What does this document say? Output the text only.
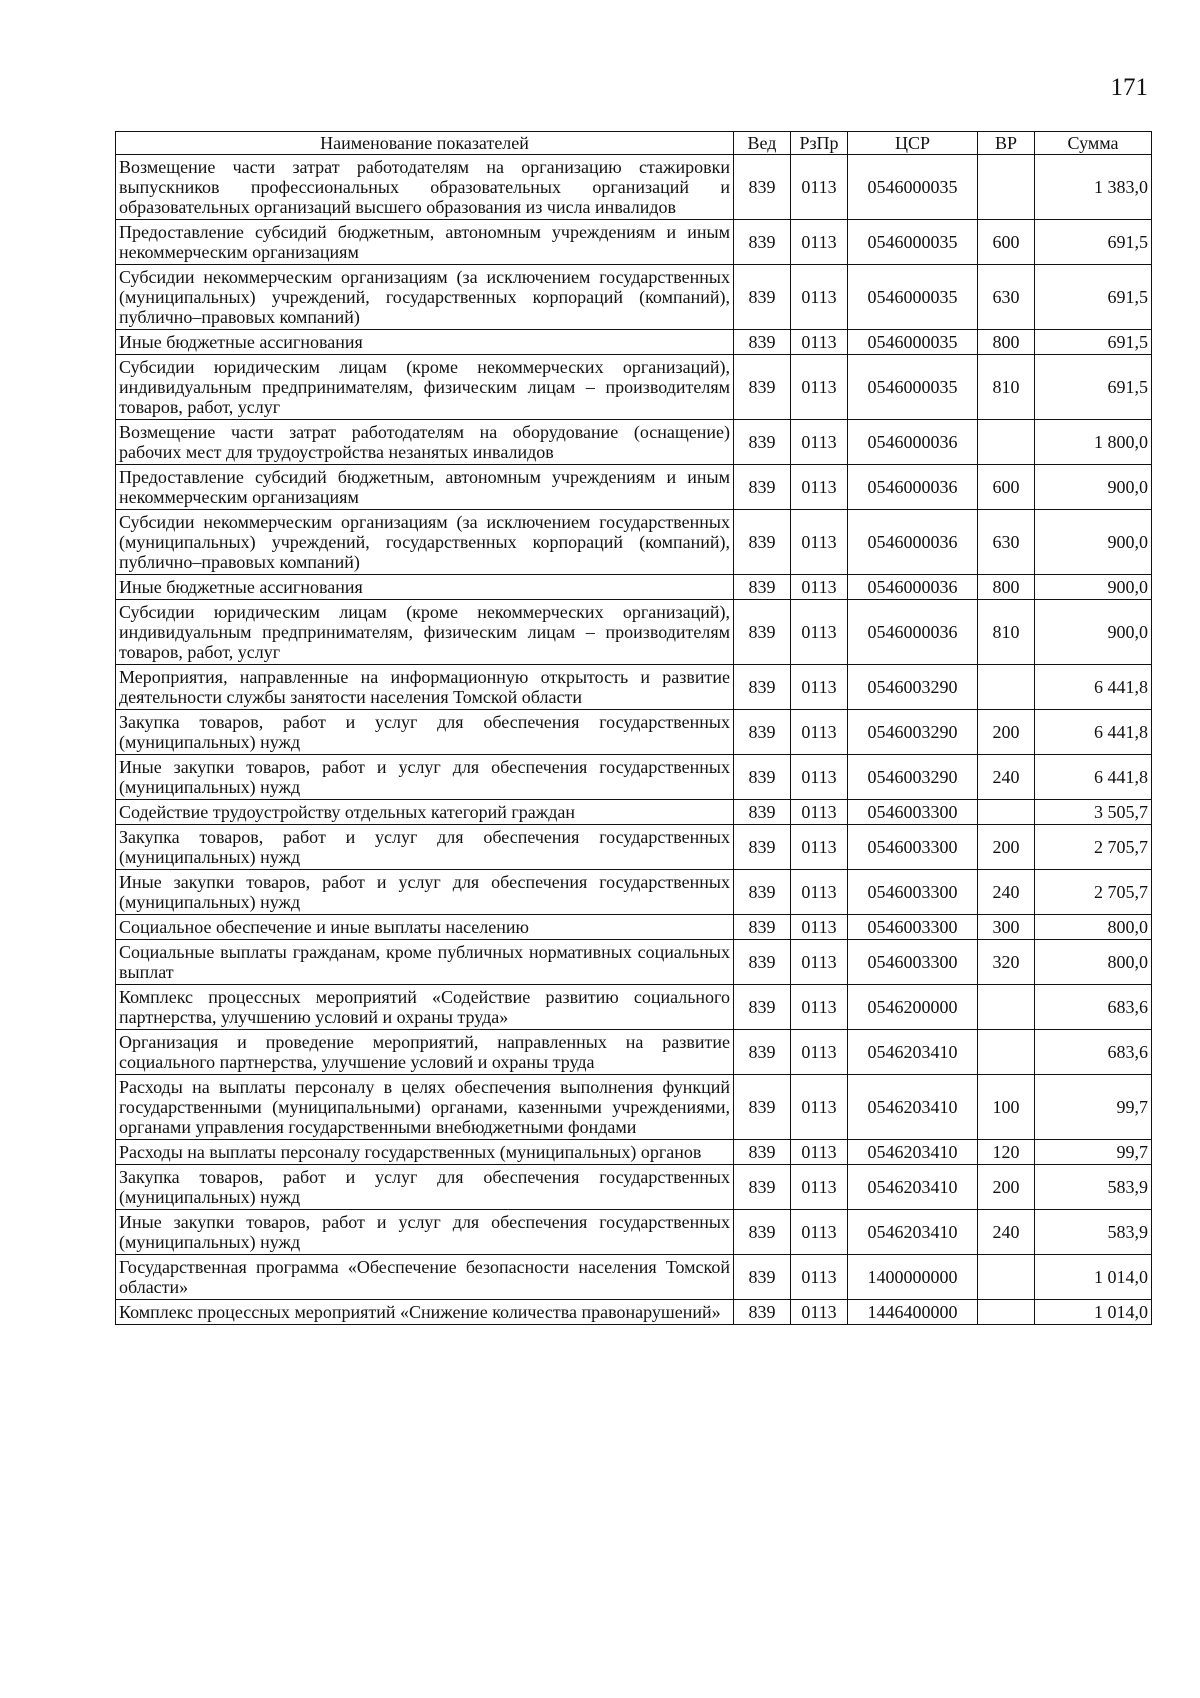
171
Наименование показателей	Вед	РзПр	ЦСР	ВР	Сумма
Возмещение части затрат работодателям на организацию стажировки выпускников профессиональных образовательных организаций и образовательных организаций высшего образования из числа инвалидов	839	0113	0546000035		1 383,0
Предоставление субсидий бюджетным, автономным учреждениям и иным некоммерческим организациям	839	0113	0546000035	600	691,5
Субсидии некоммерческим организациям (за исключением государственных (муниципальных) учреждений, государственных корпораций (компаний), публично–правовых компаний)	839	0113	0546000035	630	691,5
Иные бюджетные ассигнования	839	0113	0546000035	800	691,5
Субсидии юридическим лицам (кроме некоммерческих организаций), индивидуальным предпринимателям, физическим лицам – производителям товаров, работ, услуг	839	0113	0546000035	810	691,5
Возмещение части затрат работодателям на оборудование (оснащение) рабочих мест для трудоустройства незанятых инвалидов	839	0113	0546000036		1 800,0
Предоставление субсидий бюджетным, автономным учреждениям и иным некоммерческим организациям	839	0113	0546000036	600	900,0
Субсидии некоммерческим организациям (за исключением государственных (муниципальных) учреждений, государственных корпораций (компаний), публично–правовых компаний)	839	0113	0546000036	630	900,0
Иные бюджетные ассигнования	839	0113	0546000036	800	900,0
Субсидии юридическим лицам (кроме некоммерческих организаций), индивидуальным предпринимателям, физическим лицам – производителям товаров, работ, услуг	839	0113	0546000036	810	900,0
Мероприятия, направленные на информационную открытость и развитие деятельности службы занятости населения Томской области	839	0113	0546003290		6 441,8
Закупка товаров, работ и услуг для обеспечения государственных (муниципальных) нужд	839	0113	0546003290	200	6 441,8
Иные закупки товаров, работ и услуг для обеспечения государственных (муниципальных) нужд	839	0113	0546003290	240	6 441,8
Содействие трудоустройству отдельных категорий граждан	839	0113	0546003300		3 505,7
Закупка товаров, работ и услуг для обеспечения государственных (муниципальных) нужд	839	0113	0546003300	200	2 705,7
Иные закупки товаров, работ и услуг для обеспечения государственных (муниципальных) нужд	839	0113	0546003300	240	2 705,7
Социальное обеспечение и иные выплаты населению	839	0113	0546003300	300	800,0
Социальные выплаты гражданам, кроме публичных нормативных социальных выплат	839	0113	0546003300	320	800,0
Комплекс процессных мероприятий «Содействие развитию социального партнерства, улучшению условий и охраны труда»	839	0113	0546200000		683,6
Организация и проведение мероприятий, направленных на развитие социального партнерства, улучшение условий и охраны труда	839	0113	0546203410		683,6
Расходы на выплаты персоналу в целях обеспечения выполнения функций государственными (муниципальными) органами, казенными учреждениями, органами управления государственными внебюджетными фондами	839	0113	0546203410	100	99,7
Расходы на выплаты персоналу государственных (муниципальных) органов	839	0113	0546203410	120	99,7
Закупка товаров, работ и услуг для обеспечения государственных (муниципальных) нужд	839	0113	0546203410	200	583,9
Иные закупки товаров, работ и услуг для обеспечения государственных (муниципальных) нужд	839	0113	0546203410	240	583,9
Государственная программа «Обеспечение безопасности населения Томской области»	839	0113	1400000000		1 014,0
Комплекс процессных мероприятий «Снижение количества правонарушений»	839	0113	1446400000		1 014,0
